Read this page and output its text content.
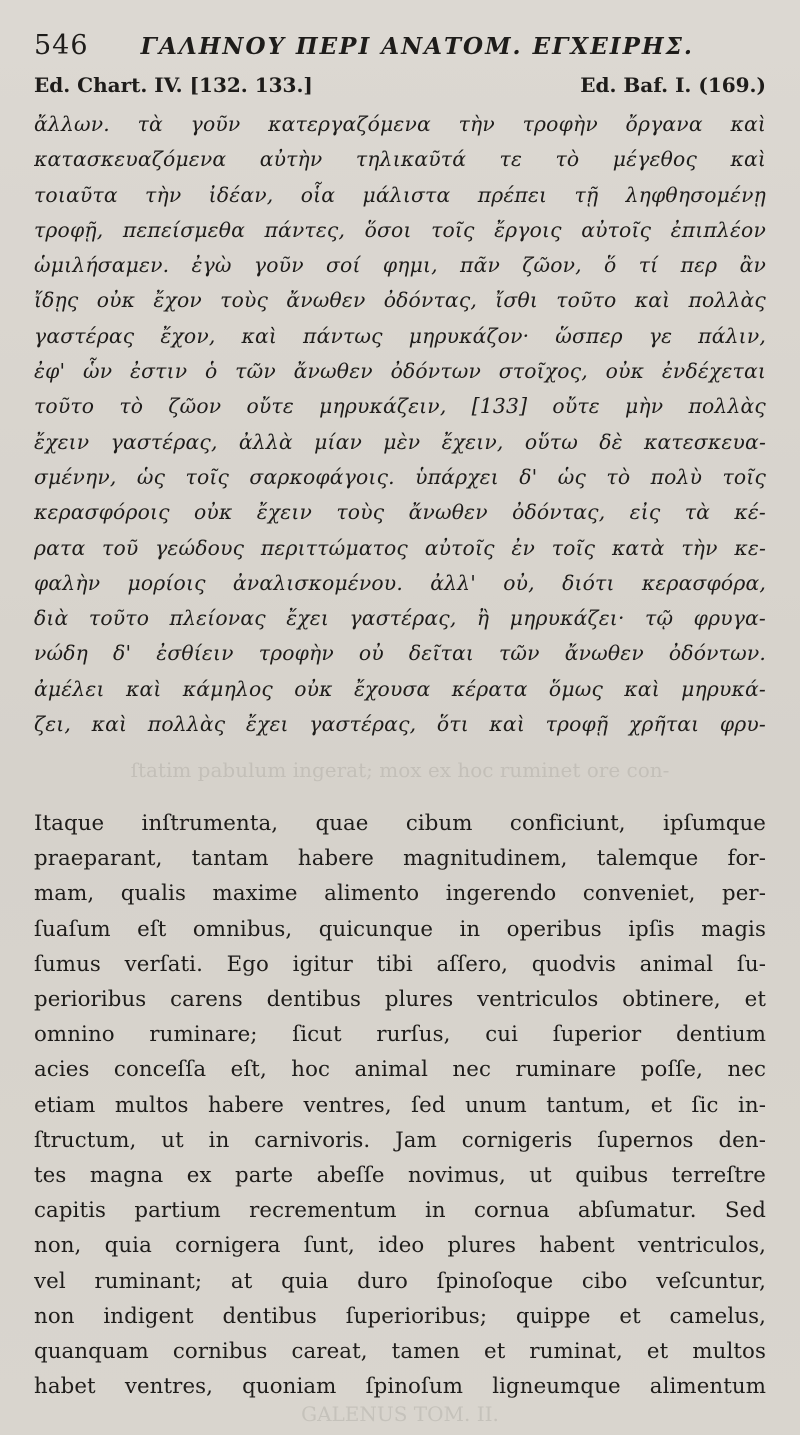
ſtatim pabulum ingerat; mox ex hoc ruminet ore con-
546	ΓΑΛΗΝΟΥ ΠΕΡΙ ΑΝΑΤΟΜ. ΕΓΧΕΙΡΗΣ.
Ed. Chart. IV. [132. 133.]	Ed. Baf. I. (169.)
ἄλλων. τὰ γοῦν κατεργαζόμενα τὴν τροφὴν ὄργανα καὶ
κατασκευαζόμενα αὐτὴν τηλικαῦτά τε τὸ μέγεθος καὶ
τοιαῦτα τὴν ἰδέαν, οἷα μάλιστα πρέπει τῇ ληφθησομένῃ
τροφῇ, πεπείσμεθα πάντες, ὅσοι τοῖς ἔργοις αὐτοῖς ἐπιπλέον
ὡμιλήσαμεν. ἐγὼ γοῦν σοί φημι, πᾶν ζῶον, ὅ τί περ ἂν
ἴδῃς οὐκ ἔχον τοὺς ἄνωθεν ὀδόντας, ἴσθι τοῦτο καὶ πολλὰς
γαστέρας ἔχον, καὶ πάντως μηρυκάζον· ὥσπερ γε πάλιν,
ἐφ' ὧν ἐστιν ὁ τῶν ἄνωθεν ὀδόντων στοῖχος, οὐκ ἐνδέχεται
τοῦτο τὸ ζῶον οὔτε μηρυκάζειν, [133] οὔτε μὴν πολλὰς
ἔχειν γαστέρας, ἀλλὰ μίαν μὲν ἔχειν, οὕτω δὲ κατεσκευα-
σμένην, ὡς τοῖς σαρκοφάγοις. ὑπάρχει δ' ὡς τὸ πολὺ τοῖς
κερασφόροις οὐκ ἔχειν τοὺς ἄνωθεν ὀδόντας, εἰς τὰ κέ-
ρατα τοῦ γεώδους περιττώματος αὐτοῖς ἐν τοῖς κατὰ τὴν κε-
φαλὴν μορίοις ἀναλισκομένου. ἀλλ' οὐ, διότι κερασφόρα,
διὰ τοῦτο πλείονας ἔχει γαστέρας, ἢ μηρυκάζει· τῷ φρυγα-
νώδη δ' ἐσθίειν τροφὴν οὐ δεῖται τῶν ἄνωθεν ὀδόντων.
ἀμέλει καὶ κάμηλος οὐκ ἔχουσα κέρατα ὅμως καὶ μηρυκά-
ζει, καὶ πολλὰς ἔχει γαστέρας, ὅτι καὶ τροφῇ χρῆται φρυ-
Itaque inſtrumenta, quae cibum conficiunt, ipſumque
praeparant, tantam habere magnitudinem, talemque for-
mam, qualis maxime alimento ingerendo conveniet, per-
ſuaſum eſt omnibus, quicunque in operibus ipſis magis
ſumus verſati. Ego igitur tibi aſſero, quodvis animal ſu-
perioribus carens dentibus plures ventriculos obtinere, et
omnino ruminare; ſicut rurſus, cui ſuperior dentium
acies conceſſa eſt, hoc animal nec ruminare poſſe, nec
etiam multos habere ventres, ſed unum tantum, et ſic in-
ſtructum, ut in carnivoris. Jam cornigeris ſupernos den-
tes magna ex parte abeſſe novimus, ut quibus terreſtre
capitis partium recrementum in cornua abſumatur. Sed
non, quia cornigera ſunt, ideo plures habent ventriculos,
vel ruminant; at quia duro ſpinoſoque cibo veſcuntur,
non indigent dentibus ſuperioribus; quippe et camelus,
quanquam cornibus careat, tamen et ruminat, et multos
habet ventres, quoniam ſpinoſum ligneumque alimentum
GALENUS TOM. II.
